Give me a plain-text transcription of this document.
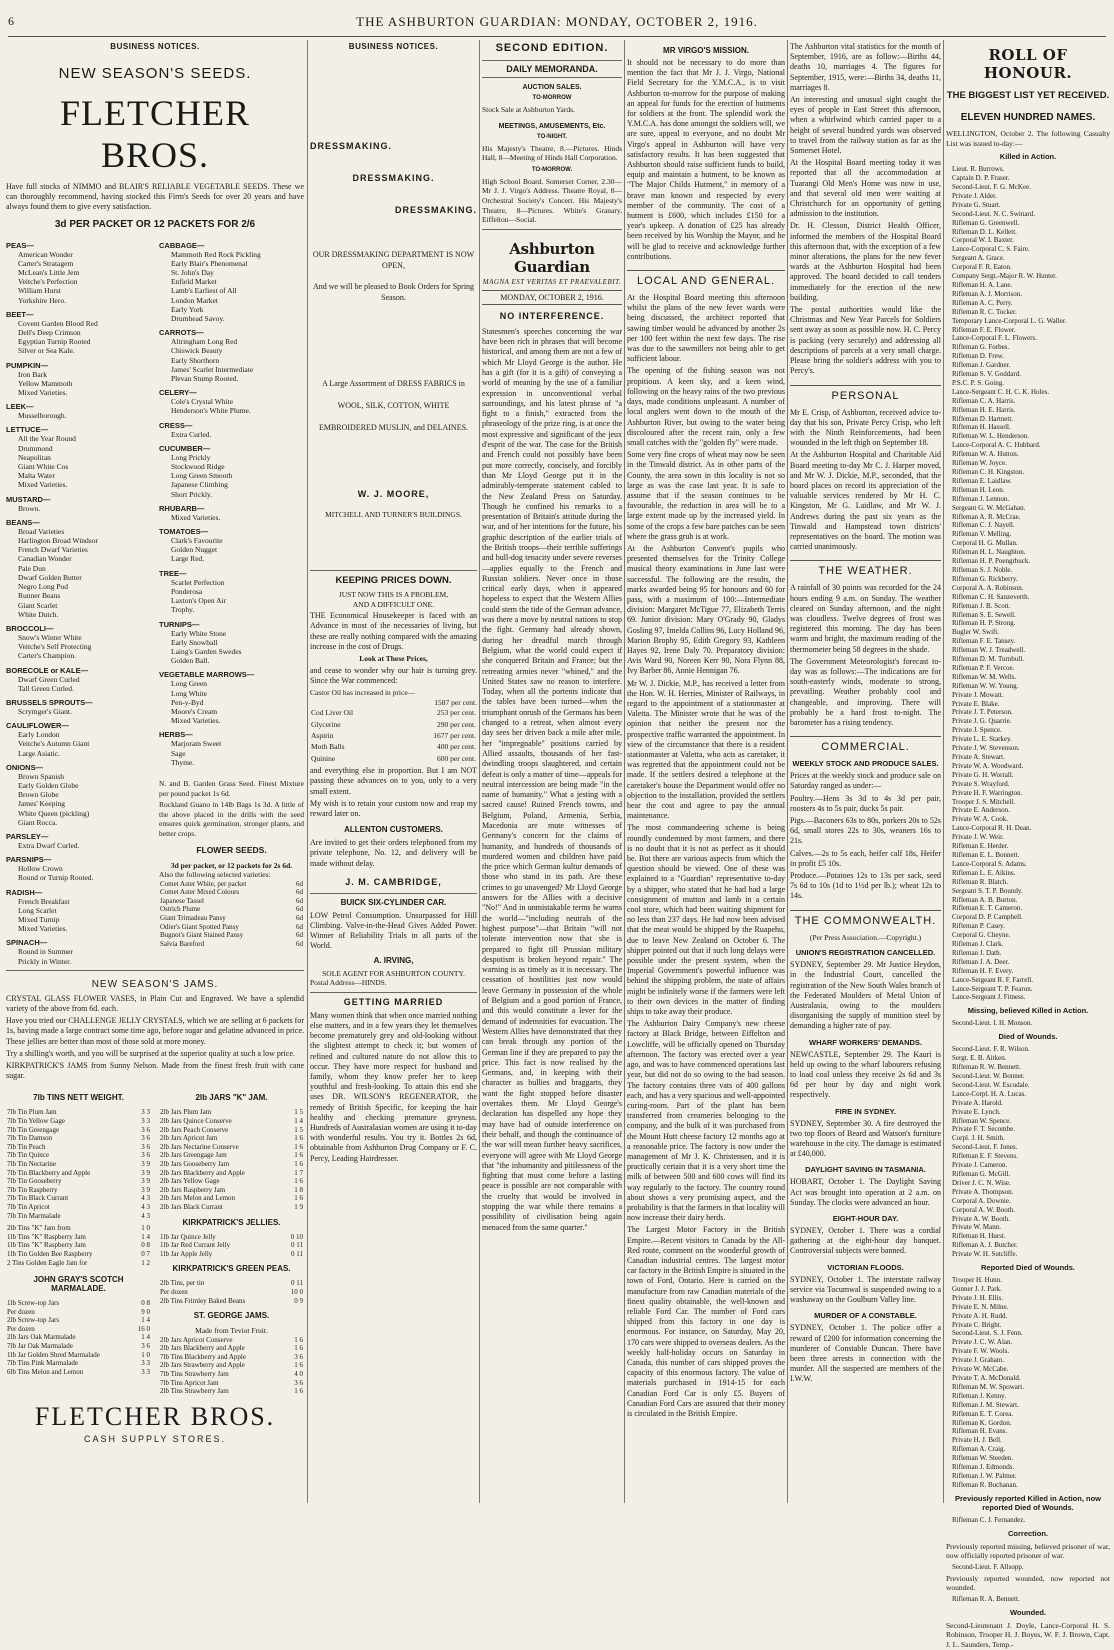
6	THE ASHBURTON GUARDIAN: MONDAY, OCTOBER 2, 1916.
BUSINESS NOTICES.
NEW SEASON'S SEEDS.
FLETCHER BROS.

Have full stocks of NIMMO and BLAIR'S RELIABLE VEGETABLE SEEDS. These we can thoroughly recommend, having stocked this Firm's Seeds for over 20 years and have always found them to give every satisfaction.

3d PER PACKET OR 12 PACKETS FOR 2/6
PEAS—
American Wonder
Carter's Stratagem
McLean's Little Jem
Veitche's Perfection
William Hurst
Yorkshire Hero.
BEET—
Covent Garden Blood Red
Dell's Deep Crimson
Egyptian Turnip Rooted
Silver or Sea Kale.
PUMPKIN—
Iron Bark
Yellow Mammoth
Mixed Varieties.
LEEK—
Musselborough.
LETTUCE—
All the Year Round
Drummond
Neapolitan
Giant White Cos
Malta Water
Mixed Varieties.
MUSTARD—
Brown.
BEANS—
Broad Varieties
Harlington Broad Windsor
French Dwarf Varieties
Canadian Wonder
Pale Dun
Dwarf Golden Butter
Negro Long Pod
Runner Beans
Giant Scarlet
White Dutch.
BROCCOLI—
Snow's Winter White
Veitche's Self Protecting
Carter's Champion.
BORECOLE or KALE—
Dwarf Green Curled
Tall Green Curled.
BRUSSELS SPROUTS—
Scrymger's Giant.
CAULIFLOWER—
Early London
Veitche's Autumn Giant
Large Asiatic.
ONIONS—
Brown Spanish
Early Golden Globe
Brown Globe
James' Keeping
White Queen (pickling)
Giant Rocca.
PARSLEY—
Extra Dwarf Curled.
PARSNIPS—
Hollow Crown
Round or Turnip Rooted.
RADISH—
French Breakfast
Long Scarlet
Mixed Turnip
Mixed Varieties.
SPINACH—
Round in Summer
Prickly in Winter.
CABBAGE—
Mammoth Red Rock Pickling
Early Blair's Phenomenal
St. John's Day
Enfield Market
Lamb's Earliest of All
London Market
Early York
Drumhead Savoy.
CARROTS—
Altringham Long Red
Chiswick Beauty
Early Shorthorn
James' Scarlet Intermediate
Plevan Stump Rooted.
CELERY—
Cole's Crystal White
Henderson's White Plume.
CRESS—
Extra Curled.
CUCUMBER—
Long Prickly
Stockwood Ridge
Long Green Smooth
Japanese Climbing
Short Prickly.
RHUBARB—
Mixed Varieties.
TOMATOES—
Clark's Favourite
Golden Nugget
Large Red.
TREE—
Scarlet Perfection
Ponderosa
Laxton's Open Air
Trophy.
TURNIPS—
Early White Stone
Early Snowball
Laing's Garden Swedes
Golden Ball.
VEGETABLE MARROWS—
Long Green
Long White
Pen-y-Byd
Moore's Cream
Mixed Varieties.
HERBS—
Marjoram Sweet
Sage
Thyme.

N. and B. Garden Grass Seed. Finest Mixture per pound packet 1s 6d.

Rockland Guano in 14lb Bags 1s 3d. A little of the above placed in the drills with the seed ensures quick germination, stronger plants, and better crops.

FLOWER SEEDS.
3d per packet, or 12 packets for 2s 6d.
Also the following selected varieties:
Comet Aster White, per packet	6d
Comet Aster Mixed Colours	6d
Japanese Tassel	6d
Ostrich Plume	6d
Giant Trimadeau Pansy	6d
Odier's Giant Spotted Pansy	6d
Bugnot's Giant Stained Pansy	6d
Salvia Bareford	6d
NEW SEASON'S JAMS.

CRYSTAL GLASS FLOWER VASES, in Plain Cut and Engraved. We have a splendid variety of the above from 6d. each.

Have you tried our CHALLENGE JELLY CRYSTALS, which we are selling at 6 packets for 1s, having made a large contract some time ago, before sugar and gelatine advanced in price. These jellies are better than most of those sold at more money.

Try a shilling's worth, and you will be surprised at the superior quality at such a low price.

KIRKPATRICK'S JAMS from Sunny Nelson. Made from the finest fresh fruit with cane sugar.

7lb TINS NETT WEIGHT.
7lb Tin Plum Jam	3 3
7lb Tin Yellow Gage	3 3
7lb Tin Greengage	3 6
7lb Tin Damson	3 6
7lb Tin Peach	3 6
7lb Tin Quince	3 6
7lb Tin Nectarine	3 9
7lb Tin Blackberry and Apple	3 9
7lb Tin Gooseberry	3 9
7lb Tin Raspberry	3 9
7lb Tin Black Currant	4 3
7lb Tin Apricot	4 3
7lb Tin Marmalade	4 3
2lb Tins "K" Jam from	1 0
1lb Tins "K" Raspberry Jam	1 4
1lb Tins "K" Raspberry Jam	0 8
1lb Tin Golden Bee Raspberry	0 7
2 Tins Golden Eagle Jam for	1 2
JOHN GRAY'S SCOTCH MARMALADE.
1lb Screw-top Jars	0 8
Per dozen	9 0
2lb Screw-top Jars	1 4
Per dozen	16 0
2lb Jars Oak Marmalade	1 4
7lb Jar Oak Marmalade	3 6
1lb Jar Golden Shred Marmalade	1 0
7lb Tins Pink Marmalade	3 3
6lb Tins Melon and Lemon	3 3
2lb JARS "K" JAM.
2lb Jars Plum Jam	1 5
2lb Jars Quince Conserve	1 4
2lb Jars Peach Conserve	1 5
2lb Jars Apricot Jam	1 6
2lb Jars Nectarine Conserve	1 6
2lb Jars Greengage Jam	1 6
2lb Jars Gooseberry Jam	1 6
2lb Jars Blackberry and Apple	1 7
2lb Jars Yellow Gage	1 6
2lb Jars Raspberry Jam	1 8
2lb Jars Melon and Lemon	1 6
2lb Jars Black Currant	1 9
KIRKPATRICK'S JELLIES.
1lb Jar Quince Jelly	0 10
1lb Jar Red Currant Jelly	0 11
1lb Jar Apple Jelly	0 11
KIRKPATRICK'S GREEN PEAS.
2lb Tins, per tin	0 11
Per dozen	10 0
2lb Tins Frimley Baked Beans	0 9
ST. GEORGE JAMS.
Made from Teviot Fruit.
2lb Jars Apricot Conserve	1 6
2lb Jars Blackberry and Apple	1 6
7lb Tins Blackberry and Apple	3 6
2lb Jars Strawberry and Apple	1 6
7lb Tins Strawberry Jam	4 0
7lb Tins Apricot Jam	3 6
2lb Tins Strawberry Jam	1 6
FLETCHER BROS.
CASH SUPPLY STORES.
BUSINESS NOTICES.
DRESSMAKING.
DRESSMAKING.
DRESSMAKING.

OUR DRESSMAKING DEPARTMENT IS NOW OPEN,

And we will be pleased to Book Orders for Spring Season.

A Large Assortment of DRESS FABRICS in WOOL, SILK, COTTON, WHITE EMBROIDERED MUSLIN, and DELAINES.

W. J. MOORE,
MITCHELL AND TURNER'S BUILDINGS.
KEEPING PRICES DOWN.
JUST NOW THIS IS A PROBLEM,
AND A DIFFICULT ONE.

THE Economical Housekeeper is faced with an Advance in most of the necessaries of living, but these are really nothing compared with the amazing increase in the cost of Drugs.

Look at These Prices,

and cease to wonder why our hair is turning grey. Since the War commenced:

Castor Oil has increased in price—
1587 per cent.
Cod Liver Oil	253 per cent.
Glycerine	290 per cent.
Aspirin	1677 per cent.
Moth Balls	400 per cent.
Quinine	600 per cent.

and everything else in proportion. But I am NOT passing these advances on to you, only to a very small extent.

My wish is to retain your custom now and reap my reward later on.

ALLENTON CUSTOMERS.

Are invited to get their orders telephoned from my private telephone, No. 12, and delivery will be made without delay.

J. M. CAMBRIDGE,
BUICK SIX-CYLINDER CAR.

LOW Petrol Consumption. Unsurpassed for Hill Climbing. Valve-in-the-Head Gives Added Power. Winner of Reliability Trials in all parts of the World.

A. IRVING,
SOLE AGENT FOR ASHBURTON COUNTY.
Postal Address—HINDS.
GETTING MARRIED

Many women think that when once married nothing else matters, and in a few years they let themselves become prematurely grey and old-looking without the slightest attempt to check it; but women of refined and cultured nature do not allow this to occur. They have more respect for husband and family, whom they know prefer her to keep youthful and fresh-looking. To attain this end she uses DR. WILSON'S REGENERATOR, the remedy of British Specific, for keeping the hair healthy and checking premature greyness. Hundreds of Australasian women are using it to-day with wonderful results. You try it. Bottles 2s 6d, obtainable from Ashburton Drug Company or F. C. Percy, Leading Hairdresser.

SECOND EDITION.
DAILY MEMORANDA.
AUCTION SALES.
TO-MORROW
Stock Sale at Ashburton Yards.
MEETINGS, AMUSEMENTS, Etc.
TO-NIGHT.

His Majesty's Theatre, 8.—Pictures. Hinds Hall, 8—Meeting of Hinds Hall Corporation.

TO-MORROW.

High School Board. Somerset Corner, 2.30—Mr J. J. Virgo's Address. Theatre Royal, 8—Orchestral Society's Concert. His Majesty's Theatre, 8—Pictures. White's Granary, Eiffelton—Social.

Ashburton Guardian
MAGNA EST VERITAS ET PRAEVALEBIT.
MONDAY, OCTOBER 2, 1916.
NO INTERFERENCE.

Statesmen's speeches concerning the war have been rich in phrases that will become historical, and among them are not a few of which Mr Lloyd George is the author. He has a gift (for it is a gift) of conveying a world of meaning by the use of a familiar expression in unconventional verbal surroundings, and his latest phrase of "a fight to a finish," extracted from the phraseology of the prize ring, is at once the most expressive and significant of the jeux d'esprit of the war. The case for the British and French could not possibly have been put more correctly, concisely, and forcibly than Mr Lloyd George put it in the admirably-temperate statement cabled to the New Zealand Press on Saturday. Though he confined his remarks to a presentation of Britain's attitude during the war, and of her intentions for the future, his graphic description of the earlier trials of the British troops—their terrible sufferings and bull-dog tenacity under severe reverses—applies equally to the French and Russian soldiers. Never once in those critical early days, when it appeared hopeless to expect that the Western Allies could stem the tide of the German advance, was there a move by neutral nations to stop the fight. Germany had already shown, during her dreadful march through Belgium, what the world could expect if she conquered Britain and France; but the retreating armies never "whined," and the United States saw no reason to interfere. Today, when all the portents indicate that the tables have been turned—when the triumphant onrush of the Germans has been changed to a retreat, when almost every day sees her driven back a mile after mile, her "impregnable" positions carried by Allied assaults, thousands of her fast-dwindling troops slaughtered, and certain defeat is only a matter of time—appeals for neutral intercession are being made "in the name of humanity." What a jesting with a sacred cause! Ruined French towns, and Belgium, Poland, Armenia, Serbia, Macedonia are mute witnesses of Germany's concern for the claims of humanity, and hundreds of thousands of murdered women and children have paid the price which German kultur demands of those who stand in its path. Are these crimes to go unavenged? Mr Lloyd George answers for the Allies with a decisive "No!" And in unmistakable terms he warns the world—"including neutrals of the highest purpose"—that Britain "will not tolerate intervention now that she is prepared to fight till Prussian military despotism is broken beyond repair." The warning is as timely as it is necessary. The cessation of hostilities just now would leave Germany in possession of the whole of Belgium and a good portion of France, and this would constitute a lever for the demand of indemnities for evacuation. The Western Allies have demonstrated that they can break through any portion of the German line if they are prepared to pay the price. This fact is now realised by the Germans, and, in keeping with their character as bullies and braggarts, they want the fight stopped before disaster overtakes them. Mr Lloyd George's declaration has dispelled any hope they may have had of outside interference on their behalf, and though the continuance of the war will mean further heavy sacrifices, everyone will agree with Mr Lloyd George that "the inhumanity and pitilessness of the fighting that must come before a lasting peace is possible are not comparable with the cruelty that would be involved in stopping the war while there remains a possibility of civilisation being again menaced from the same quarter."

MR VIRGO'S MISSION.

It should not be necessary to do more than mention the fact that Mr J. J. Virgo, National Field Secretary for the Y.M.C.A., is to visit Ashburton to-morrow for the purpose of making an appeal for funds for the erection of hutments for soldiers at the front. The splendid work the Y.M.C.A. has done amongst the soldiers will, we are sure, appeal to everyone, and no doubt Mr Virgo's appeal in Ashburton will have very satisfactory results. It has been suggested that Ashburton should raise sufficient funds to build, equip and maintain a hutment, to be known as "The Major Childs Hutment," in memory of a brave man known and respected by every member of the community. The cost of a hutment is £600, which includes £150 for a year's upkeep. A donation of £25 has already been received by his Worship the Mayor, and he will be glad to receive and acknowledge further contributions.

LOCAL AND GENERAL.

At the Hospital Board meeting this afternoon whilst the plans of the new fever wards were being discussed, the architect reported that sawing timber would be advanced by another 2s per 100 feet within the next few days. The rise was due to the sawmillers not being able to get sufficient labour.

The opening of the fishing season was not propitious. A keen sky, and a keen wind, following on the heavy rains of the two previous days, made conditions unpleasant. A number of local anglers went down to the mouth of the Ashburton River, but owing to the water being discoloured after the recent rain, only a few small catches with the "golden fly" were made.

Some very fine crops of wheat may now be seen in the Tinwald district. As in other parts of the County, the area sown in this locality is not so large as was the case last year. It is safe to assume that if the season continues to be favourable, the reduction in area will be to a large extent made up by the increased yield. In some of the crops a few bare patches can be seen where the grass grub is at work.

At the Ashburton Convent's pupils who presented themselves for the Trinity College musical theory examinations in June last were successful. The following are the results, the marks awarded being 95 for honours and 60 for pass, with a maximum of 100:—Intermediate division: Margaret McTigue 77, Elizabeth Terris 69. Junior division: Mary O'Grady 90, Gladys Gosling 97, Imelda Collins 96, Lucy Holland 96, Marion Brophy 95, Edith Gregory 93, Kathleen Hayes 92, Irene Daly 70. Preparatory division: Avis Ward 90, Noreen Kerr 90, Nora Flynn 88, Ivy Barber 86, Annie Hennigan 76.

Mr W. J. Dickie, M.P., has received a letter from the Hon. W. H. Herries, Minister of Railways, in regard to the appointment of a stationmaster at Valetta. The Minister wrote that he was of the opinion that neither the present nor the prospective traffic warranted the appointment. In view of the circumstance that there is a resident stationmaster at Valetta, who acts as caretaker, it was regretted that the appointment could not be made. If the settlers desired a telephone at the caretaker's house the Department would offer no objection to the installation, provided the settlers bear the cost and agree to pay the annual maintenance.

The most commandeering scheme is being roundly condemned by most farmers, and there is no doubt that it is not as perfect as it should be. But there are various aspects from which the question should be viewed. One of these was explained to a "Guardian" representative to-day by a shipper, who stated that he had had a large consignment of mutton and lamb in a certain cool store, which had been waiting shipment for no less than 237 days. He had now been advised that the meat would be shipped by the Ruapehu, due to leave New Zealand on October 6. The shipper pointed out that if such long delays were possible under the present system, when the Imperial Government's powerful influence was behind the shipping problem, the state of affairs might be infinitely worse if the farmers were left to their own devices in the matter of finding ships to take away their produce.

The Ashburton Dairy Company's new cheese factory at Black Bridge, between Eiffelton and Lowcliffe, will be officially opened on Thursday afternoon. The factory was erected over a year ago, and was to have commenced operations last year, but did not do so owing to the bad season. The factory contains three vats of 400 gallons each, and has a very spacious and well-appointed curing-room. Part of the plant has been transferred from creameries belonging to the company, and the bulk of it was purchased from the Mount Hutt cheese factory 12 months ago at a reasonable price. The factory is now under the management of Mr J. K. Christensen, and it is practically certain that it is a very short time the milk of between 500 and 600 cows will find its way regularly to the factory. The country round about shows a very promising aspect, and the probability is that the farmers in that locality will now increase their dairy herds.

The Largest Motor Factory in the British Empire.—Recent visitors to Canada by the All-Red route, comment on the wonderful growth of Canadian industrial centres. The largest motor car factory in the British Empire is situated in the town of Ford, Ontario. Here is carried on the manufacture from raw Canadian materials of the finest quality obtainable, the well-known and reliable Ford Car. The number of Ford cars shipped from this factory in one day is enormous. For instance, on Saturday, May 20, 170 cars were shipped to overseas dealers. As the weekly half-holiday occurs on Saturday in Canada, this number of cars shipped proves the capacity of this enormous factory. The value of materials purchased in 1914-15 for each Canadian Ford Car is only £5. Buyers of Canadian Ford Cars are assured that their money is circulated in the British Empire.

The Ashburton vital statistics for the month of September, 1916, are as follow:—Births 44, deaths 10, marriages 4. The figures for September, 1915, were:—Births 34, deaths 11, marriages 8.

An interesting and unusual sight caught the eyes of people in East Street this afternoon, when a whirlwind which carried paper to a height of several hundred yards was observed to travel from the railway station as far as the Somerset Hotel.

At the Hospital Board meeting today it was reported that all the accommodation at Tuarangi Old Men's Home was now in use, and that several old men were waiting at Christchurch for an opportunity of getting admission to the institution.

Dr. H. Clesson, District Health Officer, informed the members of the Hospital Board this afternoon that, with the exception of a few minor alterations, the plans for the new fever wards at the Ashburton Hospital had been approved. The board decided to call tenders immediately for the erection of the new building.

The postal authorities would like the Christmas and New Year Parcels for Soldiers sent away as soon as possible now. H. C. Percy is packing (very securely) and addressing all descriptions of parcels at a very small charge. Please bring the soldier's address with you to Percy's.

PERSONAL

Mr E. Crisp, of Ashburton, received advice to-day that his son, Private Percy Crisp, who left with the Ninth Reinforcements, had been wounded in the left thigh on September 18.

At the Ashburton Hospital and Charitable Aid Board meeting to-day Mr C. J. Harper moved, and Mr W. J. Dickie, M.P., seconded, that the board places on record its appreciation of the valuable services rendered by Mr H. C. Kingston, Mr G. Laidlaw, and Mr W. J. Andrews during the past six years as the Tinwald and Hampstead town districts' representatives on the board. The motion was carried unanimously.

THE WEATHER.

A rainfall of 30 points was recorded for the 24 hours ending 9 a.m. on Sunday. The weather cleared on Sunday afternoon, and the night was cloudless. Twelve degrees of frost was registered this morning. The day has been warm and bright, the maximum reading of the thermometer being 58 degrees in the shade.

The Government Meteorologist's forecast to-day was as follows:—The indications are for south-easterly winds, moderate to strong, prevailing. Weather probably cool and changeable, and improving. There will probably be a hard frost to-night. The barometer has a rising tendency.

COMMERCIAL.
WEEKLY STOCK AND PRODUCE SALES.

Prices at the weekly stock and produce sale on Saturday ranged as under:—

Poultry.—Hens 3s 3d to 4s 3d per pair, roosters 4s to 5s pair, ducks 5s pair.

Pigs.—Baconers 63s to 80s, porkers 20s to 52s 6d, small stores 22s to 30s, weaners 16s to 21s.

Calves.—2s to 5s each, heifer calf 18s, Heifer in profit £5 10s.

Produce.—Potatoes 12s to 13s per sack, seed 7s 6d to 10s (1d to 1½d per lb.); wheat 12s to 14s.

THE COMMONWEALTH.
(Per Press Association.—Copyright.)
UNION'S REGISTRATION CANCELLED.

SYDNEY, September 29. Mr Justice Heydon, in the Industrial Court, cancelled the registration of the New South Wales branch of the Federated Moulders of Metal Union of Australasia, owing to the moulders disorganising the supply of munition steel by demanding a higher rate of pay.

WHARF WORKERS' DEMANDS.

NEWCASTLE, September 29. The Kauri is held up owing to the wharf labourers refusing to load coal unless they receive 2s 6d and 3s 6d per hour by day and night work respectively.

FIRE IN SYDNEY.

SYDNEY, September 30. A fire destroyed the two top floors of Beard and Watson's furniture warehouse in the city. The damage is estimated at £40,000.

DAYLIGHT SAVING IN TASMANIA.

HOBART, October 1. The Daylight Saving Act was brought into operation at 2 a.m. on Sunday. The clocks were advanced an hour.

EIGHT-HOUR DAY.

SYDNEY, October 1. There was a cordial gathering at the eight-hour day banquet. Controversial subjects were banned.

VICTORIAN FLOODS.

SYDNEY, October 1. The interstate railway service via Tocumwal is suspended owing to a washaway on the Goulburn Valley line.

MURDER OF A CONSTABLE.

SYDNEY, October 1. The police offer a reward of £200 for information concerning the murderer of Constable Duncan. There have been three arrests in connection with the murder. All the suspected are members of the I.W.W.

ROLL OF HONOUR.
THE BIGGEST LIST YET RECEIVED.
ELEVEN HUNDRED NAMES.

WELLINGTON, October 2. The following Casualty List was issued to-day:—

Killed in Action.
Lieut. R. Burrows.
Captain D. P. Fraser.
Second-Lieut. F. G. McKee.
Private J. Alder.
Private G. Stuart.
Second-Lieut. N. C. Swinard.
Rifleman G. Greenwell.
Rifleman D. L. Kellett.
Corporal W. I. Baxter.
Lance-Corporal C. S. Faire.
Sergeant A. Grace.
Corporal F. R. Eaton.
Company Sergt.-Major R. W. Hunter.
Rifleman H. A. Lane.
Rifleman A. J. Morrison.
Rifleman A. C. Perry.
Rifleman R. C. Tocker.
Temporary Lance-Corporal L. G. Waller.
Rifleman F. E. Flower.
Lance-Corporal F. L. Flowers.
Rifleman G. Forbes.
Rifleman D. Frew.
Rifleman J. Gardner.
Rifleman S. V. Goddard.
P.S.C. P. S. Going.
Lance-Sergeant C. H. C. K. Holes.
Rifleman C. A. Harris.
Rifleman H. E. Harris.
Rifleman D. Hartnett.
Rifleman H. Hassell.
Rifleman W. L. Henderson.
Lance-Corporal A. C. Hubbard.
Rifleman W. A. Hutton.
Rifleman W. Joyce.
Rifleman C. H. Kingston.
Rifleman E. Laidlaw.
Rifleman H. Leon.
Rifleman J. Lennon.
Sergeant G. W. McGahan.
Rifleman A. R. McCrae.
Rifleman C. J. Nayell.
Rifleman V. Melling.
Corporal H. G. Mullan.
Rifleman H. L. Naughton.
Rifleman H. P. Poengrhuck.
Rifleman S. J. Noble.
Rifleman G. Rickberry.
Corporal A. A. Robinson.
Rifleman C. H. Sanzeverth.
Rifleman J. B. Scott.
Rifleman S. E. Sewell.
Rifleman H. P. Strong.
Bugler W. Swift.
Rifleman F. E. Tansey.
Rifleman W. J. Treadwell.
Rifleman D. M. Turnbull.
Rifleman P. F. Vercoe.
Rifleman W. M. Wells.
Rifleman W. W. Young.
Private J. Mowatt.
Private E. Blake.
Private J. T. Peterson.
Private J. G. Quarrie.
Private J. Spence.
Private L. E. Starkey.
Private J. W. Stevenson.
Private A. Stewart.
Private W. A. Woodward.
Private G. H. Worrall.
Private S. Wrayford.
Private H. F. Warrington.
Trooper J. S. Mitchell.
Private E. Anderson.
Private W. A. Cook.
Lance-Corporal R. H. Dean.
Private J. W. Weir.
Rifleman E. Herder.
Rifleman E. L. Bonnett.
Lance-Corporal S. Adams.
Rifleman L. E. Aikins.
Rifleman R. Blatch.
Sergeant S. T. P. Boundy.
Rifleman A. B. Burton.
Rifleman E. T. Cameron.
Corporal D. P. Campbell.
Rifleman P. Casey.
Corporal G. Cheyne.
Rifleman J. Clark.
Rifleman J. Dath.
Rifleman J. A. Deer.
Rifleman H. F. Every.
Lance-Sergeant R. F. Farrell.
Lance-Sergeant T. P. Fearon.
Lance-Sergeant J. Fitness.
Missing, believed Killed in Action.
Second-Lieut. I. H. Monson.
Died of Wounds.
Second-Lieut. F. R. Wilson.
Sergt. E. B. Aitken.
Rifleman R. W. Bennett.
Second-Lieut. W. Bonner.
Second-Lieut. W. Escudale.
Lance-Corpl. H. A. Lucas.
Private A. Harold.
Private E. Lynch.
Rifleman W. Spence.
Private F. T. Secombe.
Corpl. J. H. Smith.
Second-Lieut. F. Jones.
Rifleman E. F. Stevens.
Private J. Cameron.
Rifleman G. McGill.
Driver J. C. N. Wise.
Private A. Thompson.
Corporal A. Downie.
Corporal A. W. Booth.
Private A. W. Booth.
Private W. Mann.
Rifleman H. Hurst.
Rifleman A. J. Butcher.
Private W. H. Sutcliffe.
Reported Died of Wounds.
Trooper H. Hunn.
Gunner J. J. Park.
Private J. H. Ellis.
Private E. N. Milne.
Private A. H. Rudd.
Private C. Bright.
Second-Lieut. S. J. Fenn.
Private J. C. W. Alan.
Private F. W. Wools.
Private J. Graham.
Private W. McCabe.
Private T. A. McDonald.
Rifleman M. W. Spowart.
Rifleman J. Kenny.
Rifleman J. M. Stewart.
Rifleman E. T. Corea.
Rifleman K. Gordon.
Rifleman H. Evans.
Private H. J. Bell.
Rifleman A. Craig.
Rifleman W. Steeden.
Rifleman J. Edmonds.
Rifleman J. W. Palmer.
Rifleman R. Buchanan.
Previously reported Killed in Action, now reported Died of Wounds.
Rifleman C. J. Fernandez.
Correction.

Previously reported missing, believed prisoner of war, now officially reported prisoner of war.

Second-Lieut. F. Allsopp.

Previously reported wounded, now reported not wounded.

Rifleman R. A. Bennett.
Wounded.

Second-Lieutenant J. Doyle, Lance-Corporal H. S. Robinson, Trooper H. J. Boyes, W. F. J. Brown, Capt. J. L. Saunders, Temp.-
